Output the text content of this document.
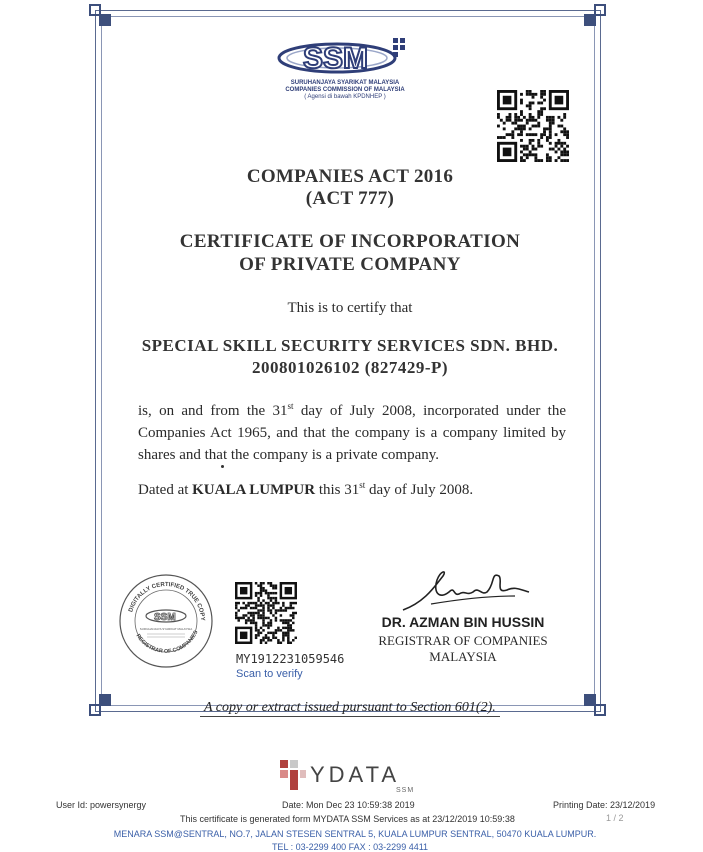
SSM
SURUHANJAYA SYARIKAT MALAYSIA
COMPANIES COMMISSION OF MALAYSIA
( Agensi di bawah KPDNHEP )
COMPANIES ACT 2016
(ACT 777)
CERTIFICATE OF INCORPORATION
OF PRIVATE COMPANY
This is to certify that
SPECIAL SKILL SECURITY SERVICES SDN. BHD.
200801026102 (827429-P)
is, on and from the 31st day of July 2008, incorporated under the Companies Act 1965, and that the company is a company limited by shares and that the company is a private company.
Dated at KUALA LUMPUR this 31st day of July 2008.
DIGITALLY CERTIFIED TRUE COPY
REGISTRAR OF COMPANIES
SSM
SURUHANJAYA SYARIKAT MALAYSIA
MY1912231059546
Scan to verify
DR. AZMAN BIN HUSSIN
REGISTRAR OF COMPANIES
MALAYSIA
A copy or extract issued pursuant to Section 601(2).
YDATA
SSM
User Id: powersynergy	Date: Mon Dec 23 10:59:38 2019	Printing Date: 23/12/2019
This certificate is generated form MYDATA SSM Services as at 23/12/2019 10:59:38	1 / 2
MENARA SSM@SENTRAL, NO.7, JALAN STESEN SENTRAL 5, KUALA LUMPUR SENTRAL, 50470 KUALA LUMPUR.
TEL : 03-2299 400 FAX : 03-2299 4411
